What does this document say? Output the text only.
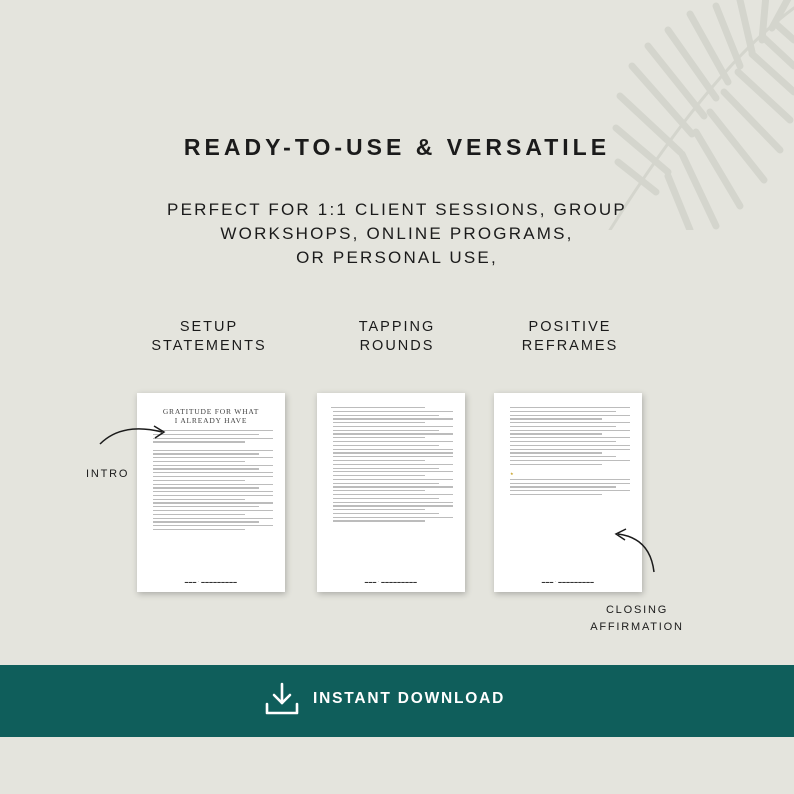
READY-TO-USE & VERSATILE
PERFECT FOR 1:1 CLIENT SESSIONS, GROUP
WORKSHOPS, ONLINE PROGRAMS,
OR PERSONAL USE,
SETUP
STATEMENTS
TAPPING
ROUNDS
POSITIVE
REFRAMES
GRATITUDE FOR WHAT
I ALREADY HAVE
▬▬▬ · ▬▬▬▬▬▬▬▬▬	▬▬▬ · ▬▬▬▬▬▬▬▬▬
★
▬▬▬ · ▬▬▬▬▬▬▬▬▬
INTRO
CLOSING
AFFIRMATION
INSTANT DOWNLOAD
